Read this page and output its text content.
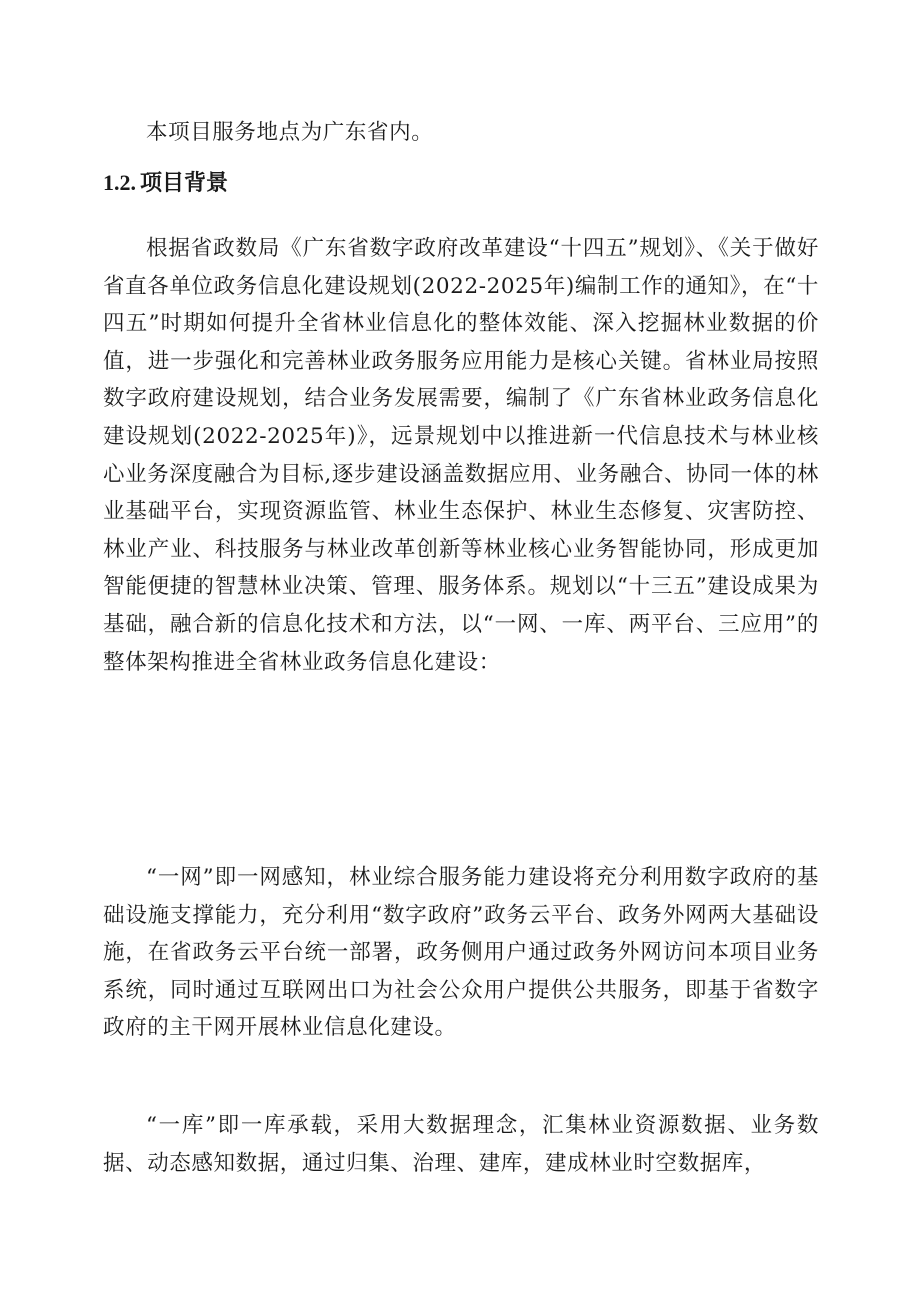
本项目服务地点为广东省内。

1.2. 项目背景

根据省政数局《广东省数字政府改革建设“十四五”规划》、《关于做好省直各单位政务信息化建设规划(2022-2025年)编制工作的通知》，在“十四五”时期如何提升全省林业信息化的整体效能、深入挖掘林业数据的价值，进一步强化和完善林业政务服务应用能力是核心关键。省林业局按照数字政府建设规划，结合业务发展需要，编制了《广东省林业政务信息化建设规划(2022-2025年)》，远景规划中以推进新一代信息技术与林业核心业务深度融合为目标,逐步建设涵盖数据应用、业务融合、协同一体的林业基础平台，实现资源监管、林业生态保护、林业生态修复、灾害防控、林业产业、科技服务与林业改革创新等林业核心业务智能协同，形成更加智能便捷的智慧林业决策、管理、服务体系。规划以“十三五”建设成果为基础，融合新的信息化技术和方法，以“一网、一库、两平台、三应用”的整体架构推进全省林业政务信息化建设：

“一网”即一网感知，林业综合服务能力建设将充分利用数字政府的基础设施支撑能力，充分利用“数字政府”政务云平台、政务外网两大基础设施，在省政务云平台统一部署，政务侧用户通过政务外网访问本项目业务系统，同时通过互联网出口为社会公众用户提供公共服务，即基于省数字政府的主干网开展林业信息化建设。

“一库”即一库承载，采用大数据理念，汇集林业资源数据、业务数据、动态感知数据，通过归集、治理、建库，建成林业时空数据库，
